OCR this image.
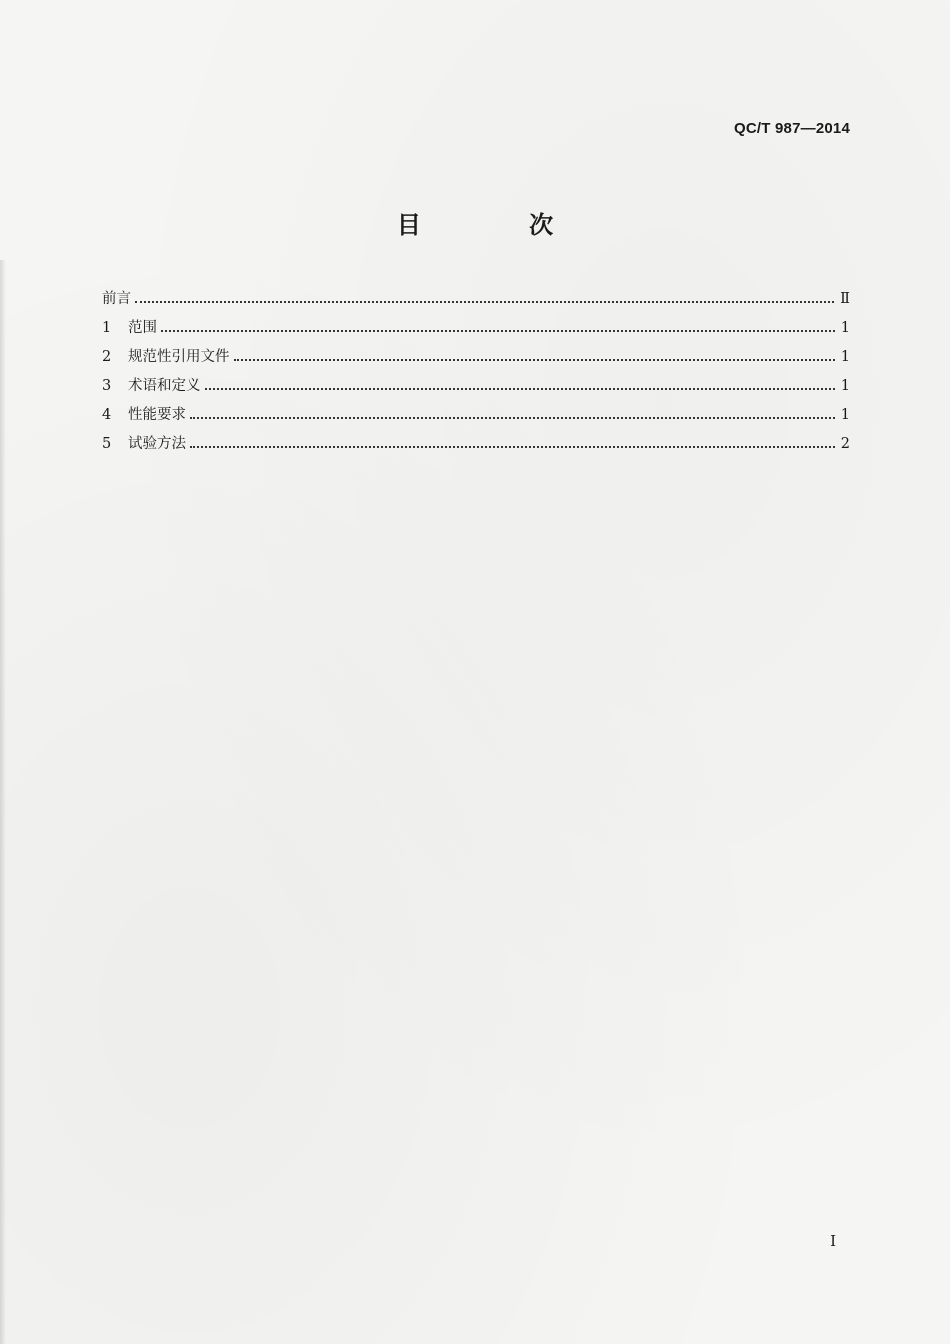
QC/T 987—2014
目 次
前言	Ⅱ
1	范围	1
2	规范性引用文件	1
3	术语和定义	1
4	性能要求	1
5	试验方法	2
Ⅰ
